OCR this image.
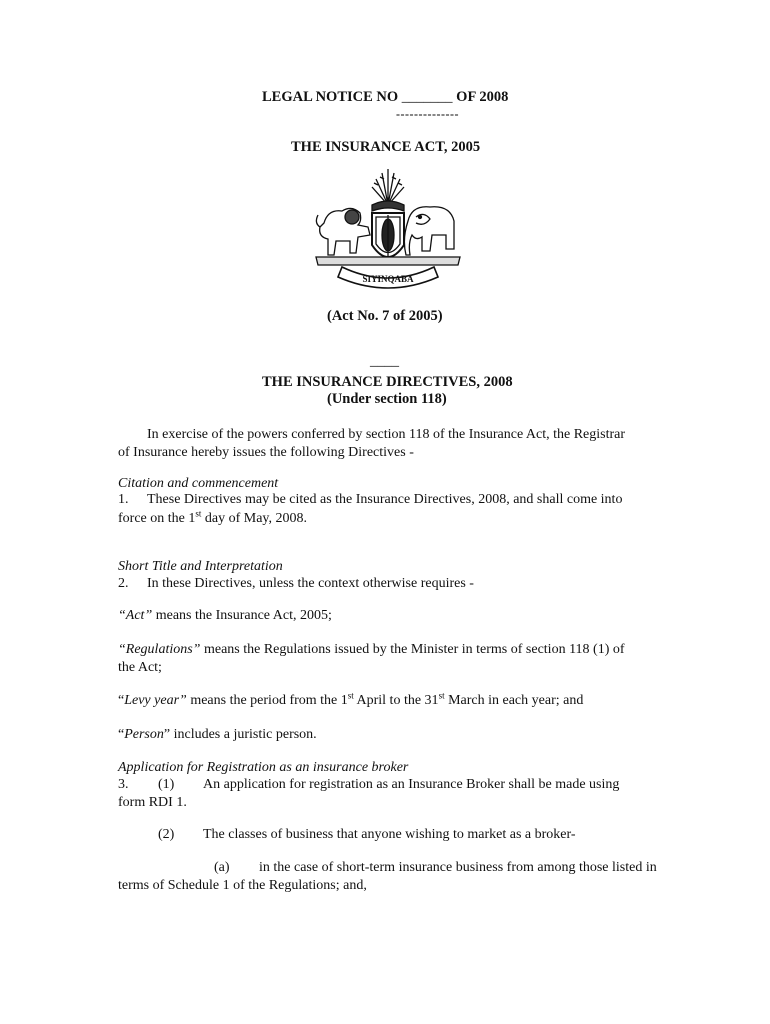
LEGAL NOTICE NO _______ OF 2008
--------------
THE INSURANCE ACT, 2005
SIYINQABA
(Act No. 7 of 2005)
____
THE INSURANCE DIRECTIVES, 2008
(Under section 118)
In exercise of the powers conferred by section 118 of the Insurance Act, the Registrar
of Insurance hereby issues the following Directives -
Citation and commencement
1. These Directives may be cited as the Insurance Directives, 2008, and shall come into
force on the 1st day of May, 2008.
Short Title and Interpretation
2. In these Directives, unless the context otherwise requires -
“Act” means the Insurance Act, 2005;
“Regulations” means the Regulations issued by the Minister in terms of section 118 (1) of
the Act;
“Levy year” means the period from the 1st April to the 31st March in each year; and
“Person” includes a juristic person.
Application for Registration as an insurance broker
3. (1) An application for registration as an Insurance Broker shall be made using
form RDI 1.
(2) The classes of business that anyone wishing to market as a broker-
(a) in the case of short-term insurance business from among those listed in
terms of Schedule 1 of the Regulations; and,
